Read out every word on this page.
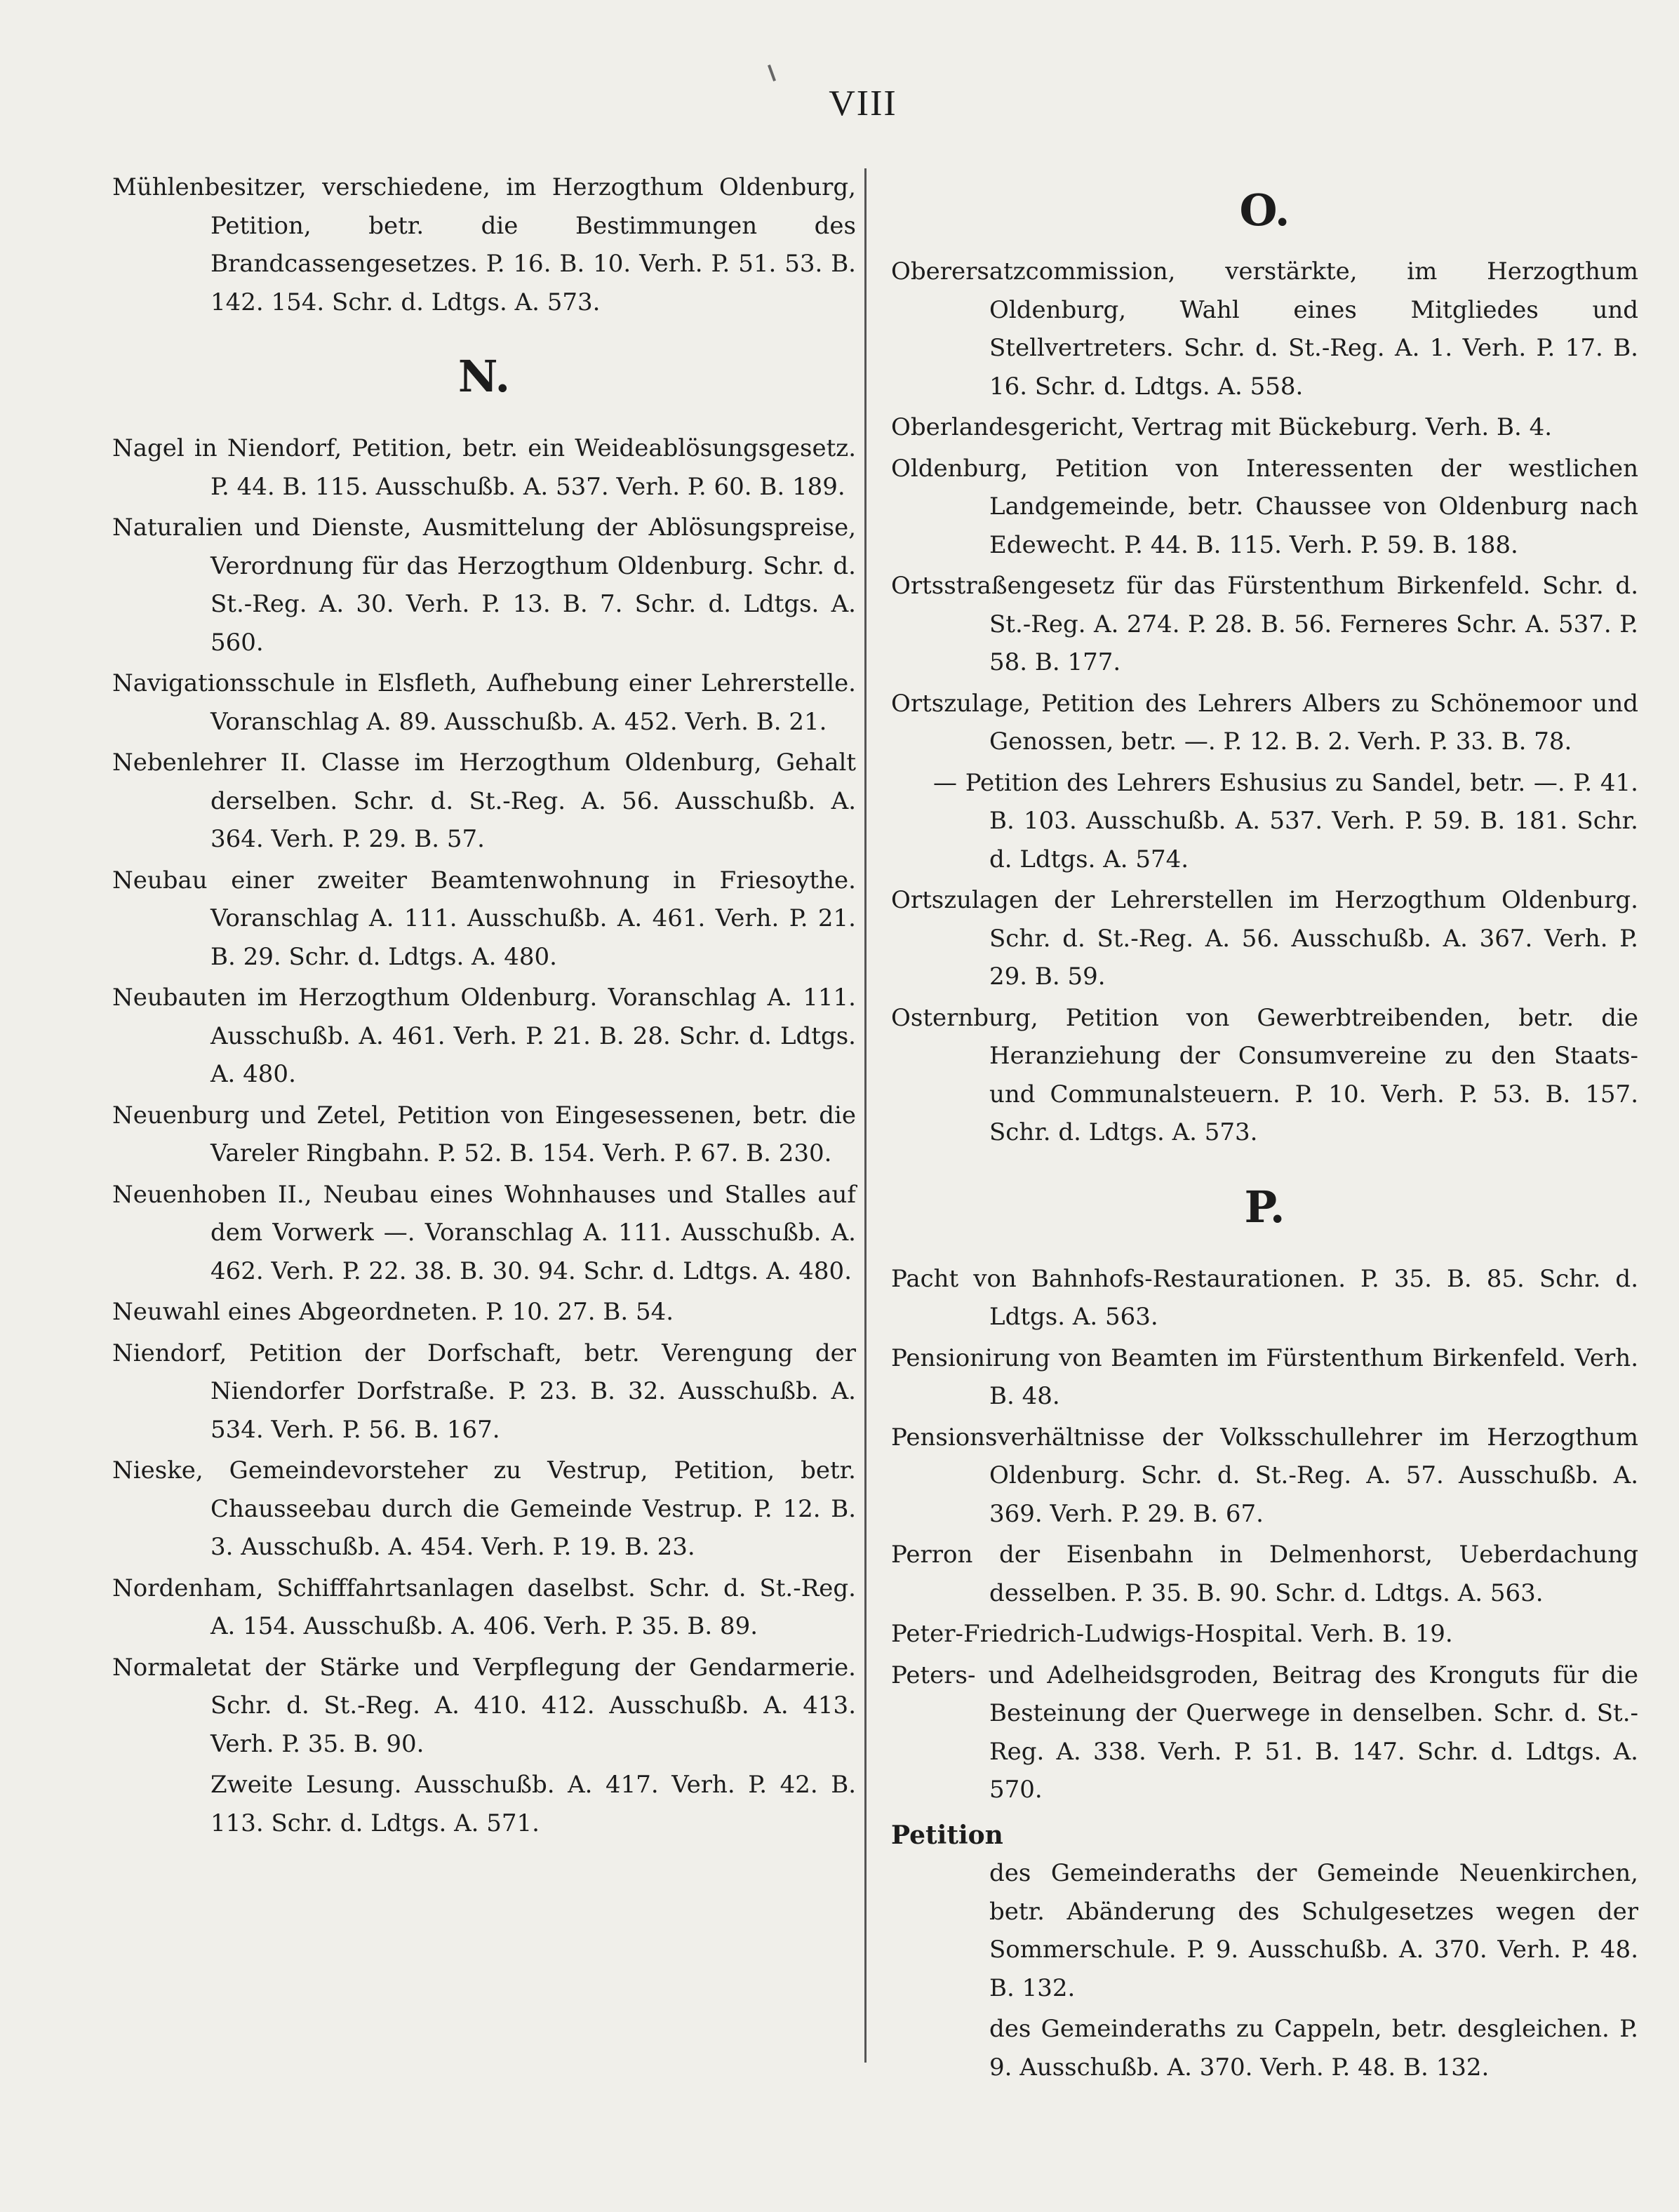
VIII

Mühlenbesitzer, verschiedene, im Herzogthum Oldenburg, Petition, betr. die Bestimmungen des Brandcassengesetzes. P. 16. B. 10. Verh. P. 51. 53. B. 142. 154. Schr. d. Ldtgs. A. 573.

N.

Nagel in Niendorf, Petition, betr. ein Weideablösungsgesetz. P. 44. B. 115. Ausschußb. A. 537. Verh. P. 60. B. 189.

Naturalien und Dienste, Ausmittelung der Ablösungspreise, Verordnung für das Herzogthum Oldenburg. Schr. d. St.-Reg. A. 30. Verh. P. 13. B. 7. Schr. d. Ldtgs. A. 560.

Navigationsschule in Elsfleth, Aufhebung einer Lehrerstelle. Voranschlag A. 89. Ausschußb. A. 452. Verh. B. 21.

Nebenlehrer II. Classe im Herzogthum Oldenburg, Gehalt derselben. Schr. d. St.-Reg. A. 56. Ausschußb. A. 364. Verh. P. 29. B. 57.

Neubau einer zweiter Beamtenwohnung in Friesoythe. Voranschlag A. 111. Ausschußb. A. 461. Verh. P. 21. B. 29. Schr. d. Ldtgs. A. 480.

Neubauten im Herzogthum Oldenburg. Voranschlag A. 111. Ausschußb. A. 461. Verh. P. 21. B. 28. Schr. d. Ldtgs. A. 480.

Neuenburg und Zetel, Petition von Eingesessenen, betr. die Vareler Ringbahn. P. 52. B. 154. Verh. P. 67. B. 230.

Neuenhoben II., Neubau eines Wohnhauses und Stalles auf dem Vorwerk —. Voranschlag A. 111. Ausschußb. A. 462. Verh. P. 22. 38. B. 30. 94. Schr. d. Ldtgs. A. 480.

Neuwahl eines Abgeordneten. P. 10. 27. B. 54.

Niendorf, Petition der Dorfschaft, betr. Verengung der Niendorfer Dorfstraße. P. 23. B. 32. Ausschußb. A. 534. Verh. P. 56. B. 167.

Nieske, Gemeindevorsteher zu Vestrup, Petition, betr. Chausseebau durch die Gemeinde Vestrup. P. 12. B. 3. Ausschußb. A. 454. Verh. P. 19. B. 23.

Nordenham, Schifffahrtsanlagen daselbst. Schr. d. St.-Reg. A. 154. Ausschußb. A. 406. Verh. P. 35. B. 89.

Normaletat der Stärke und Verpflegung der Gendarmerie. Schr. d. St.-Reg. A. 410. 412. Ausschußb. A. 413. Verh. P. 35. B. 90.

Zweite Lesung. Ausschußb. A. 417. Verh. P. 42. B. 113. Schr. d. Ldtgs. A. 571.

O.

Oberersatzcommission, verstärkte, im Herzogthum Oldenburg, Wahl eines Mitgliedes und Stellvertreters. Schr. d. St.-Reg. A. 1. Verh. P. 17. B. 16. Schr. d. Ldtgs. A. 558.

Oberlandesgericht, Vertrag mit Bückeburg. Verh. B. 4.

Oldenburg, Petition von Interessenten der westlichen Landgemeinde, betr. Chaussee von Oldenburg nach Edewecht. P. 44. B. 115. Verh. P. 59. B. 188.

Ortsstraßengesetz für das Fürstenthum Birkenfeld. Schr. d. St.-Reg. A. 274. P. 28. B. 56. Ferneres Schr. A. 537. P. 58. B. 177.

Ortszulage, Petition des Lehrers Albers zu Schönemoor und Genossen, betr. —. P. 12. B. 2. Verh. P. 33. B. 78.

— Petition des Lehrers Eshusius zu Sandel, betr. —. P. 41. B. 103. Ausschußb. A. 537. Verh. P. 59. B. 181. Schr. d. Ldtgs. A. 574.

Ortszulagen der Lehrerstellen im Herzogthum Oldenburg. Schr. d. St.-Reg. A. 56. Ausschußb. A. 367. Verh. P. 29. B. 59.

Osternburg, Petition von Gewerbtreibenden, betr. die Heranziehung der Consumvereine zu den Staats- und Communalsteuern. P. 10. Verh. P. 53. B. 157. Schr. d. Ldtgs. A. 573.

P.

Pacht von Bahnhofs-Restaurationen. P. 35. B. 85. Schr. d. Ldtgs. A. 563.

Pensionirung von Beamten im Fürstenthum Birkenfeld. Verh. B. 48.

Pensionsverhältnisse der Volksschullehrer im Herzogthum Oldenburg. Schr. d. St.-Reg. A. 57. Ausschußb. A. 369. Verh. P. 29. B. 67.

Perron der Eisenbahn in Delmenhorst, Ueberdachung desselben. P. 35. B. 90. Schr. d. Ldtgs. A. 563.

Peter-Friedrich-Ludwigs-Hospital. Verh. B. 19.

Peters- und Adelheidsgroden, Beitrag des Kronguts für die Besteinung der Querwege in denselben. Schr. d. St.-Reg. A. 338. Verh. P. 51. B. 147. Schr. d. Ldtgs. A. 570.

Petition

des Gemeinderaths der Gemeinde Neuenkirchen, betr. Abänderung des Schulgesetzes wegen der Sommerschule. P. 9. Ausschußb. A. 370. Verh. P. 48. B. 132.

des Gemeinderaths zu Cappeln, betr. desgleichen. P. 9. Ausschußb. A. 370. Verh. P. 48. B. 132.
